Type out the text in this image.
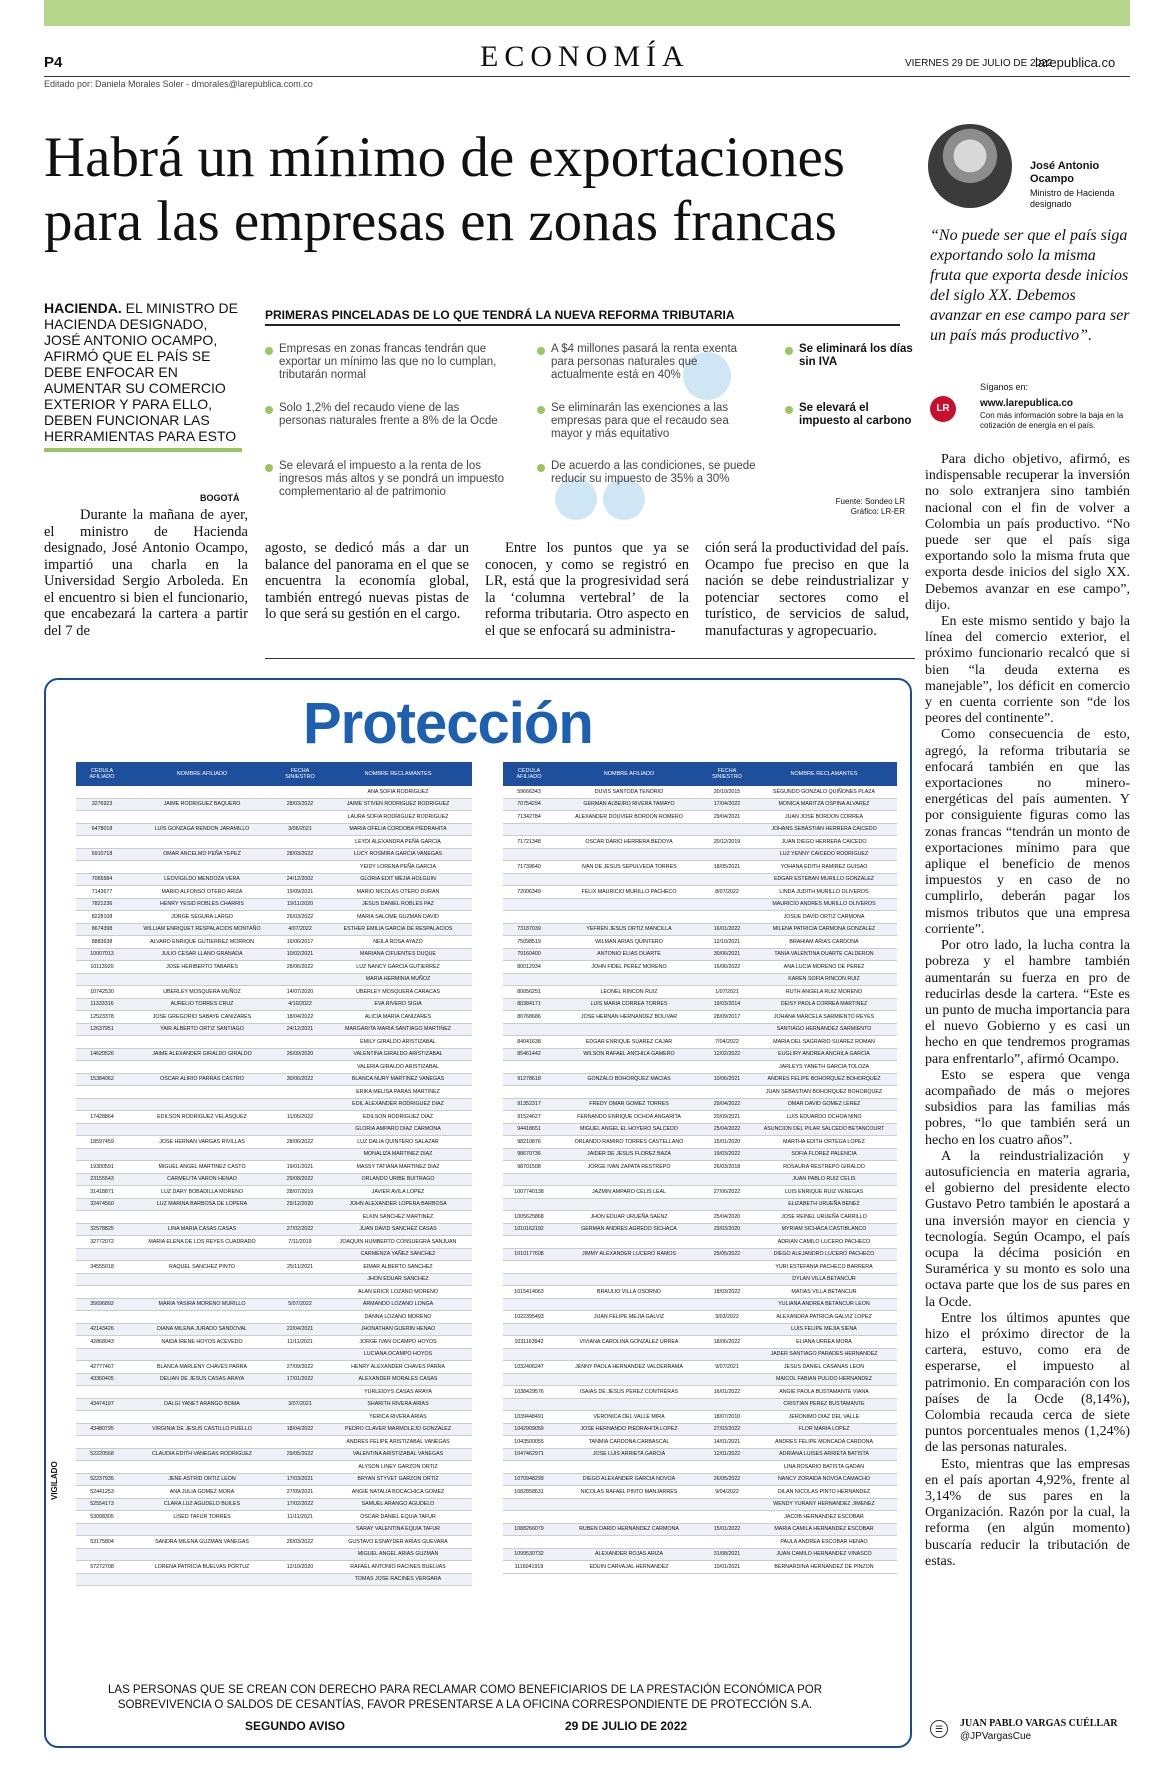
P4	ECONOMÍA	VIERNES 29 DE JULIO DE 2022
larepublica.co
Editado por: Daniela Morales Soler - dmorales@larepublica.com.co
Habrá un mínimo de exportaciones para las empresas en zonas francas
José Antonio Ocampo
Ministro de Hacienda designado
“No puede ser que el país siga exportando solo la misma fruta que exporta desde inicios del siglo XX. Debemos avanzar en ese campo para ser un país más productivo”.
Síganos en:
LR	www.larepublica.co
Con más información sobre la baja en la cotización de energía en el país.
HACIENDA. EL MINISTRO DE HACIENDA DESIGNADO, JOSÉ ANTONIO OCAMPO, AFIRMÓ QUE EL PAÍS SE DEBE ENFOCAR EN AUMENTAR SU COMERCIO EXTERIOR Y PARA ELLO, DEBEN FUNCIONAR LAS HERRAMIENTAS PARA ESTO
PRIMERAS PINCELADAS DE LO QUE TENDRÁ LA NUEVA REFORMA TRIBUTARIA
Empresas en zonas francas tendrán que exportar un mínimo las que no lo cumplan, tributarán normal
Solo 1,2% del recaudo viene de las personas naturales frente a 8% de la Ocde
Se elevará el impuesto a la renta de los ingresos más altos y se pondrá un impuesto complementario al de patrimonio
A $4 millones pasará la renta exenta para personas naturales que actualmente está en 40%
Se eliminarán las exenciones a las empresas para que el recaudo sea mayor y más equitativo
De acuerdo a las condiciones, se puede reducir su impuesto de 35% a 30%
Se eliminará los días sin IVA
Se elevará el impuesto al carbono
Fuente: Sondeo LR Gráfico: LR-ER
BOGOTÁ
Durante la mañana de ayer, el ministro de Hacienda designado, José Antonio Ocampo, impartió una charla en la Universidad Sergio Arboleda. En el encuentro si bien el funcionario, que encabezará la cartera a partir del 7 de
agosto, se dedicó más a dar un balance del panorama en el que se encuentra la economía global, también entregó nuevas pistas de lo que será su gestión en el cargo.
Entre los puntos que ya se conocen, y como se registró en LR, está que la progresividad será la ‘columna vertebral’ de la reforma tributaria. Otro aspecto en el que se enfocará su administra-
ción será la productividad del país. Ocampo fue preciso en que la nación se debe reindustrializar y potenciar sectores como el turístico, de servicios de salud, manufacturas y agropecuario.

Para dicho objetivo, afirmó, es indispensable recuperar la inversión no solo extranjera sino también nacional con el fin de volver a Colombia un país productivo. “No puede ser que el país siga exportando solo la misma fruta que exporta desde inicios del siglo XX. Debemos avanzar en ese campo”, dijo.

En este mismo sentido y bajo la línea del comercio exterior, el próximo funcionario recalcó que si bien “la deuda externa es manejable”, los déficit en comercio y en cuenta corriente son “de los peores del continente”.

Como consecuencia de esto, agregó, la reforma tributaria se enfocará también en que las exportaciones no minero-energéticas del país aumenten. Y por consiguiente figuras como las zonas francas “tendrán un monto de exportaciones mínimo para que aplique el beneficio de menos impuestos y en caso de no cumplirlo, deberán pagar los mismos tributos que una empresa corriente”.

Por otro lado, la lucha contra la pobreza y el hambre también aumentarán su fuerza en pro de reducirlas desde la cartera. “Este es un punto de mucha importancia para el nuevo Gobierno y es casi un hecho en que tendremos programas para enfrentarlo”, afirmó Ocampo.

Esto se espera que venga acompañado de más o mejores subsidios para las familias más pobres, “lo que también será un hecho en los cuatro años”.

A la reindustrialización y autosuficiencia en materia agraria, el gobierno del presidente electo Gustavo Petro también le apostará a una inversión mayor en ciencia y tecnología. Según Ocampo, el país ocupa la décima posición en Suramérica y su monto es solo una octava parte que los de sus pares en la Ocde.

Entre los últimos apuntes que hizo el próximo director de la cartera, estuvo, como era de esperarse, el impuesto al patrimonio. En comparación con los países de la Ocde (8,14%), Colombia recauda cerca de siete puntos porcentuales menos (1,24%) de las personas naturales.

Esto, mientras que las empresas en el país aportan 4,92%, frente al 3,14% de sus pares en la Organización. Razón por la cual, la reforma (en algún momento) buscaría reducir la tributación de estas.

☰	JUAN PABLO VARGAS CUÉLLAR
@JPVargasCue
Protección
VIGILADO
CEDULA AFILIADO	NOMBRE AFILIADO	FECHA SINIESTRO	NOMBRE RECLAMANTES
			ANA SOFIA RODRIGUEZ
3276923	JAIME RODRIGUEZ BAQUERO	28/03/2022	JAIME STIVEN RODRIGUEZ RODRIGUEZ
			LAURA SOFIA RODRIGUEZ RODRIGUEZ
6478018	LUIS GONZAGA RENDON JARAMILLO	3/06/2021	MARIA OFELIA CORDOBA PIEDRAHITA
			LEYDI ALEXANDRA PEÑA GARCIA
6910718	OMAR ANCELMO PEÑA YEPEZ	28/03/2022	LUCY ROSMIRA GARCIA VANEGAS
			YEIDY LORENA PEÑA GARCIA
7065584	LEOVIGILDO MENDOZA VERA	24/12/2002	GLORIA EDIT MEJIA HOLGUIN
7143677	MARIO ALFONSO OTERO ARIZA	19/09/2021	MARIO NICOLAS OTERO DURAN
7821236	HENRY YESID ROBLES CHARRIS	19/11/2020	JESUS DANIEL ROBLES PAZ
8228108	JORGE SEGURA LARGO	26/03/2022	MARIA SALOME GUZMAN DAVID
8674398	WILLIAM ENRIQUET RESPALACIOS MONTAÑO	4/07/2022	ESTHER EMILIA GARCIA DE RESPALACIOS
8883638	ALVARO ENRIQUE GUTIERREZ MORRON	16/06/2017	NEILA ROSA AYAZO
10007013	JULIO CESAR LLANO GRANADA	10/02/2021	MARIANA CIFUENTES DUQUE
10113920	JOSE HERIBERTO TABARES	28/06/2022	LUZ NANCY GARCIA GUTIERREZ
			MARIA HERMINIA MUÑOZ
10742530	UBERLEY MOSQUERA MUÑOZ	14/07/2020	UBERLEY MOSQUERA CARACAS
11333316	AURELIO TORRES CRUZ	4/10/2022	EVA RIVERO SIGIA
12523378	JOSE GREGORIO SABAYE CANIZARES	18/04/2022	ALICIA MARIA CANIZARES
12637951	YAIR ALBERTO ORTIZ SANTIAGO	24/12/2021	MARGARITA MARIA SANTIAGO MARTINEZ
			EMILY GIRALDO ARISTIZABAL
14620526	JAIME ALEXANDER GIRALDO GIRALDO	26/09/2020	VALENTINA GIRALDO ARISTIZABAL
			VALERIA GIRALDO ARISTIZABAL
15384062	OSCAR ALIRIO PARRAS CASTRO	30/06/2022	BLANCA NURY MARTINEZ VANEGAS
			ERIKA MELISA PARAS MARTINEZ
			EDIL ALEXANDER RODRIGUEZ DIAZ
17428864	EDILSON RODRIGUEZ VELASQUEZ	11/06/2022	EDILSON RODRIGUEZ DIAZ
			GLORIA AMPARO DIAZ CARMONA
18597459	JOSE HERNAN VARGAS RIVILLAS	28/06/2022	LUZ DALIA QUINTERO SALAZAR
			MONALIZA MARTINEZ DIAZ
19300591	MIGUEL ANGEL MARTINEZ CASTO	19/01/2021	MASSY TATIANA MARTINEZ DIAZ
23155543	CARMELITA VARON HENAO	29/08/2022	ORLANDO URIBE BUITRAGO
31418871	LUZ DARY BOBADILLA MORENO	28/07/2019	JAVIER AVILA LOPEZ
32474560	LUZ MARINA BARBOSA DE LOPERA	29/12/2020	JOHN ALEXANDER LOPERA BARBOSA
			ELKIN SANCHEZ MARTINEZ
32578825	LINA MARIA CASAS CASAS	27/02/2022	JUAN DAVID SANCHEZ CASAS
32772072	MARIA ELENA DE LOS REYES CUADRADO	7/11/2019	JOAQUIN HUMBERTO CONSUEGRA SANJUAN
			CARMENZA YAÑEZ SANCHEZ
34555018	RAQUEL SANCHEZ PINTO	25/11/2021	EIMAR ALBERTO SANCHEZ
			JHON EDUAR SANCHEZ
			ALAN ERICK LOZANO MORENO
35696892	MARIA YASIRA MORENO MURILLO	5/07/2022	ARMANDO LOZANO LONGA
			DANNA LOZANO MORENO
42143426	DIANA MILENA JURADO SANDOVAL	22/04/2021	JHONATHAN GUERIN HENAO
42868043	NAIDA IRENE HOYOS ACEVEDO	11/11/2021	JORGE IVAN OCAMPO HOYOS
			LUCIANA OCAMPO HOYOS
42777467	BLANCA MARLENY CHAVES PARRA	27/09/2022	HENRY ALEXANDER CHAVES PARRA
43360405	DELIAN DE JESUS CASAS ARAYA	17/01/2022	ALEXANDER MORALES CASAS
			YURLEIDYS CASAS ARAYA
43474197	DALGI YANET ARANGO BOMA	3/07/2021	SHARITH RIVERA ARIAS
			YERICA RIVERA ARIAS
43480795	VIRGINIA DE JESUS CASTILLO PUELLO	18/04/2022	PEDRO CLAVER MARMOLEJO GONZALEZ
			ANDRES FELIPE ARISTIZABAL VANEGAS
52220568	CLAUDIA EDITH VANEGAS RODRIGUEZ	29/05/2022	VALENTINA ARISTIZABAL VANEGAS
			ALYSON LINEY GARZON ORTIZ
52237935	JENE ASTRID ORTIZ LEON	17/03/2021	BRYAN STYVET GARZON ORTIZ
52441253	ANA JULIA GOMEZ MORA	27/09/2021	ANGIE NATALIA BOCACHICA GOMEZ
52554173	CLARA LUZ AGUDELO BUILES	17/02/2022	SAMUEL ARANGO AGUDELO
53008305	LISED TAFUR TORRES	11/11/2021	OSCAR DANIEL EQUIA TAFUR
			SARAY VALENTINA EQUIA TAFUR
53175804	SANDRA MILENA GUZMAN VANEGAS	26/03/2022	GUSTAVO ESNAYDER ARIAS GUEVARA
			MIGUEL ANGEL ARIAS GUZMAN
57272708	LORENA PATRICIA BUELVAS PORTUZ	12/10/2020	RAFAEL ANTONIO RACINES BUELVAS
			TOMAS JOSE RACINES VERGARA
CEDULA AFILIADO	NOMBRE AFILIADO	FECHA SINIESTRO	NOMBRE RECLAMANTES
59666343	DUVIS SANTODA TENORIO	20/10/2015	SEGUNDO GONZALO QUIÑONES PLAZA
70754294	GERMAN ALBEIRO RIVERA TAMAYO	17/04/2022	MONICA MARITZA OSPINA ALVAREZ
71342784	ALEXANDER DOUVIER BORDON ROMERO	29/04/2021	JUAN JOSE BORDON CORREA
			JOHANS SEBASTIAN HERRERA CAICEDO
71721348	OSCAR DARIO HERRERA BEDOYA	20/12/2019	JUAN DIEGO HERRERA CAICEDO
			LUZ YENNY CAICEDO RODRIGUEZ
71739640	IVAN DE JESUS SEPULVEDA TORRES	18/05/2021	YOHANA EDITH RAMIREZ GUISAO
			EDGAR ESTEBAN MURILLO GONZALEZ
72006349	FELIX MAURICIO MURILLO PACHECO	8/07/2022	LINDA JUDITH MURILLO OLIVEROS
			MAURICIO ANDRES MURILLO OLIVEROS
			JOSUE DAVID ORTIZ CARMONA
73187039	YEFREN JESUS ORTIZ MANCILLA	16/01/2022	MILENA PATRICIA CARMONA GONZALEZ
75098519	WILMAN ARIAS QUINTERO	12/10/2021	BRAHIAM ARIAS CARDONA
79160400	ANTONIO ELIAS DUARTE	30/06/2021	TANIA VALENTINA DUARTE CALDERON
80012934	JOHN FIDEL PEREZ MORENO	16/06/2022	ANA LUCIA MORENO DE PEREZ
			KAREN SOFIA RINCON RUIZ
80056251	LEONEL RINCON RUIZ	1/07/2021	RUTH ANGELA RUIZ MORENO
80384171	LUIS MARIA CORREA TORRES	19/03/2014	DEISY PAOLA CORREA MARTINEZ
80768686	JOSE HERNAN HERNANDEZ BOLIVAR	28/09/2017	JOHANA MARCELA SARMIENTO REYES
			SANTIAGO HERNANDEZ SARMIENTO
84041638	EDGAR ENRIQUE SUAREZ CAJAR	7/04/2022	MARIA DEL SAGRARIO SUAREZ ROMAN
85461442	WILSON RAFAEL ANCHILA GAMERO	12/02/2022	EUGLIRY ANDREA ANCHILA GARCIA
			JARLEYS YANETH GARCIA TOLOZA
91278618	GONZALO BOHORQUEZ MACIAS	10/06/2021	ANDRES FELIPE BOHORQUEZ BOHORQUEZ
			JUAN SEBASTIAN BOHORQUEZ BOHORQUEZ
91352317	FREDY OMAR GOMEZ TORRES	29/04/2022	OMAR DAVID GOMEZ LEREZ
91524627	FERNANDO ENRIQUE OCHOA ANGARITA	20/09/2021	LUIS EDUARDO OCHOA NINO
94418651	MIGUEL ANGEL EL HOYERO SALCEDO	25/04/2022	ASUNCION DEL PILAR SALCEDO BETANCOURT
98210876	ORLANDO RAMIRO TORRES CASTELLANO	15/01/2020	MARTHA EDITH ORTEGA LOPEZ
98670736	JAIDER DE JESUS FLOREZ BAZA	19/03/2022	SOFIA FLOREZ PALENCIA
98701508	JORGE IVAN ZAPATA RESTREPO	26/03/2018	ROSAURA RESTREPO GIRALDO
			JUAN PABLO RUIZ CELIS
1007740138	JAZMIN AMPARO CELIS LEAL	27/06/2022	LUIS ENRIQUE RUIZ VENEGAS
			ELIZABETH URUEÑA BENEZ
1005625868	JHON EDUAR URUEÑA SAENZ	25/04/2020	JOSE REINEL URUEÑA CARRILLO
1010162192	GERMAN ANDRES AGREDO SICHACA	29/03/2020	MYRIAM SICHACA CASTIBLANCO
			ADRIAN CAMILO LUCERO PACHECO
1010177608	JIMMY ALEXANDER LUCERO RAMOS	29/05/2022	DIEGO ALEJANDRO LUCERO PACHECO
			YURI ESTEFANIA PACHECO BARRERA
			DYLAN VILLA BETANCUR
1015414063	BRAULIO VILLA OSORNO	18/03/2022	MATIAS VILLA BETANCUR
			YULIANA ANDREA BETANCUR LEON
1022395493	JUAN FELIPE MEJIA GALVIZ	3/03/2022	ALEXANDRA PATRICIA GALVIZ LOPEZ
			LUIS FELIPE MEJIA SIENA
1031163942	VIVIANA CAROLINA GONZALEZ URREA	18/06/2022	ELIANA URREA MORA
			JADER SANTIAGO PARADES HERNANDEZ
1032406247	JENNY PAOLA HERNANDEZ VALDERRAMA	9/07/2021	JESUS DANIEL CASANAS LEON
			MAICOL FABIAN PULIDO HERNANDEZ
1038429576	ISAIAS DE JESUS PEREZ CONTRERAS	16/01/2022	ANGIE PAOLA BUSTAMANTE VIANA
			CRISTIAN PEREZ BUSTAMANTE
1039448491	VERONICA DEL VALLE MIRA	18/07/2010	JERONIMO DIAZ DEL VALLE
1042909059	JOSE HERNANDO PIEDRAHITA LOPEZ	27/03/2022	FLOR MARIA LOPEZ
1043500055	TANMIA CARDONA CARBASCAL	14/01/2021	ANDRES FELIPE MONCADA CARDONA
1047462971	JOSE LUIS ARRIETA GARCIA	12/01/2022	ADRIANA LUISES ARRIETA BATISTA
			LINA ROSARIO BATISTA GADAN
1070948299	DIEGO ALEXANDER GARCIA NOVOA	26/05/2022	NANCY ZORAIDA NOVOA CAMACHO
1082858631	NICOLAS RAFAEL PINTO MANJARRES	9/04/2022	DILAN NICOLAS PINTO HERNANDEZ
			WENDY YURANY HERNANDEZ JIMENEZ
			JACOB HERNANDEZ ESCOBAR
1088266079	RUBEN DARIO HERNANDEZ CARMONA	15/01/2022	MARIA CAMILA HERNANDEZ ESCOBAR
			PAULA ANDREA ESCOBAR HENAO
1099530732	ALEXANDER ROJAS ARIZA	31/08/2021	JUAN CAMILO HERNANDEZ VINASCO
1116041919	EDUIN CARVAJAL HERNANDEZ	10/01/2021	BERNARDINA HERNANDEZ DE PINZON
LAS PERSONAS QUE SE CREAN CON DERECHO PARA RECLAMAR COMO BENEFICIARIOS DE LA PRESTACIÓN ECONÓMICA POR SOBREVIVENCIA O SALDOS DE CESANTÍAS, FAVOR PRESENTARSE A LA OFICINA CORRESPONDIENTE DE PROTECCIÓN S.A.
SEGUNDO AVISO	29 DE JULIO DE 2022
